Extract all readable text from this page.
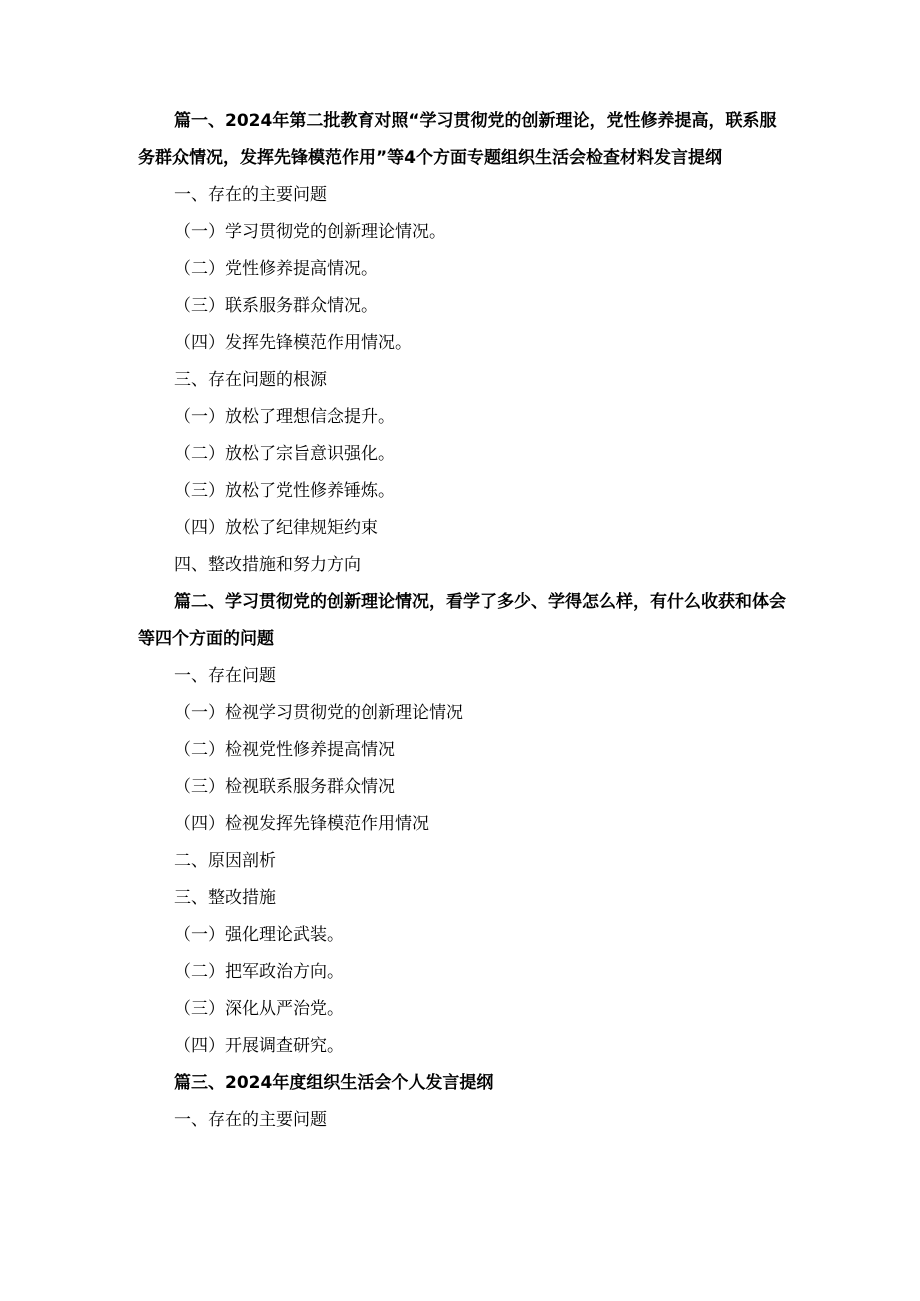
篇一、2024年第二批教育对照“学习贯彻党的创新理论，党性修养提高，联系服务群众情况，发挥先锋模范作用”等4个方面专题组织生活会检查材料发言提纲
一、存在的主要问题
（一）学习贯彻党的创新理论情况。
（二）党性修养提高情况。
（三）联系服务群众情况。
（四）发挥先锋模范作用情况。
三、存在问题的根源
（一）放松了理想信念提升。
（二）放松了宗旨意识强化。
（三）放松了党性修养锤炼。
（四）放松了纪律规矩约束
四、整改措施和努力方向
篇二、学习贯彻党的创新理论情况，看学了多少、学得怎么样，有什么收获和体会等四个方面的问题
一、存在问题
（一）检视学习贯彻党的创新理论情况
（二）检视党性修养提高情况
（三）检视联系服务群众情况
（四）检视发挥先锋模范作用情况
二、原因剖析
三、整改措施
（一）强化理论武装。
（二）把军政治方向。
（三）深化从严治党。
（四）开展调查研究。
篇三、2024年度组织生活会个人发言提纲
一、存在的主要问题
